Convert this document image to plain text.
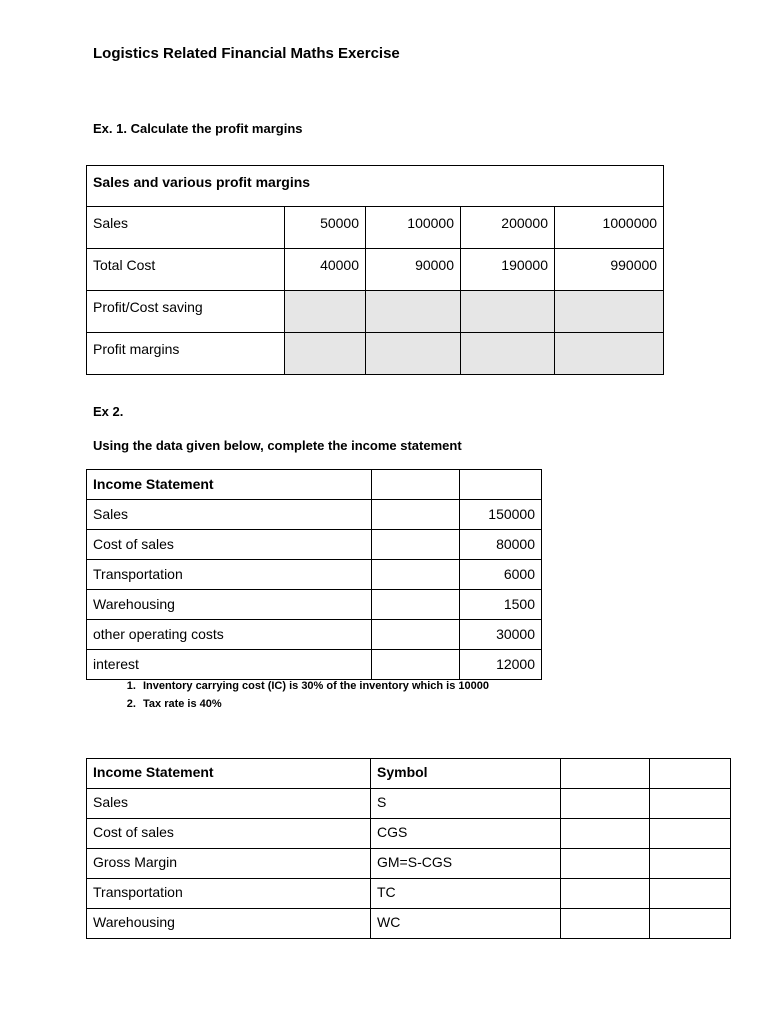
Logistics Related Financial Maths Exercise
Ex. 1. Calculate the profit margins
Sales and various profit margins				
Sales	50000	100000	200000	1000000
Total Cost	40000	90000	190000	990000
Profit/Cost saving				
Profit margins				
Ex 2.
Using the data given below, complete the income statement
Income Statement		
Sales		150000
Cost of sales		80000
Transportation		6000
Warehousing		1500
other operating costs		30000
interest		12000
1. Inventory carrying cost (IC) is 30% of the inventory which is 10000
2. Tax rate is 40%
Income Statement	Symbol		
Sales	S		
Cost of sales	CGS		
Gross Margin	GM=S-CGS		
Transportation	TC		
Warehousing	WC		
